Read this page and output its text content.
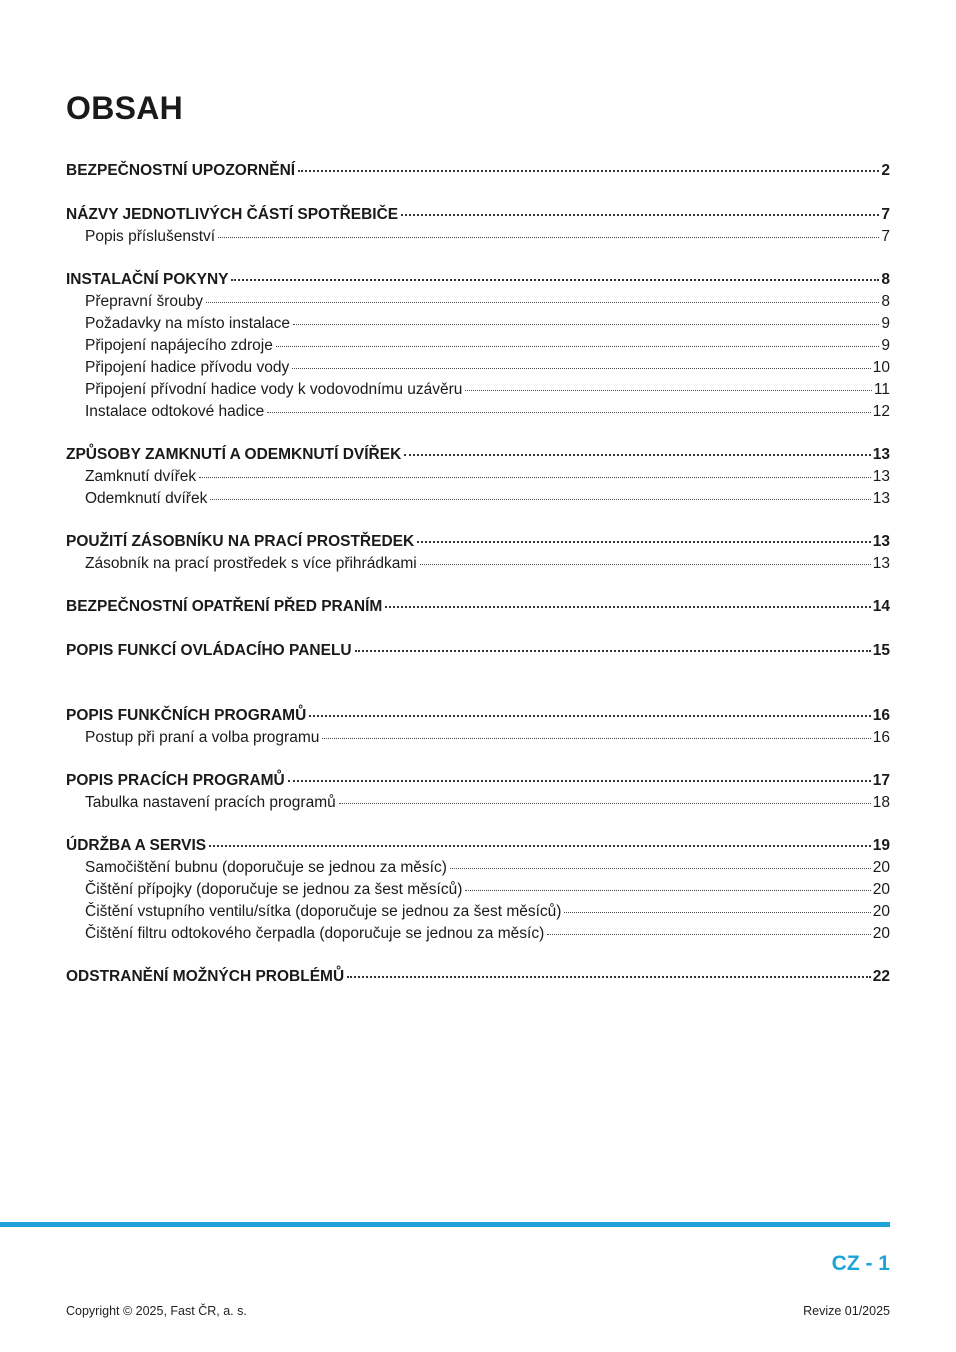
OBSAH
BEZPEČNOSTNÍ UPOZORNĚNÍ	2
NÁZVY JEDNOTLIVÝCH ČÁSTÍ SPOTŘEBIČE	7
Popis příslušenství	7
INSTALAČNÍ POKYNY	8
Přepravní šrouby	8
Požadavky na místo instalace	9
Připojení napájecího zdroje	9
Připojení hadice přívodu vody	10
Připojení přívodní hadice vody k vodovodnímu uzávěru	11
Instalace odtokové hadice	12
ZPŮSOBY ZAMKNUTÍ A ODEMKNUTÍ DVÍŘEK	13
Zamknutí dvířek	13
Odemknutí dvířek	13
POUŽITÍ ZÁSOBNÍKU NA PRACÍ PROSTŘEDEK	13
Zásobník na prací prostředek s více přihrádkami	13
BEZPEČNOSTNÍ OPATŘENÍ PŘED PRANÍM	14
POPIS FUNKCÍ OVLÁDACÍHO PANELU	15
POPIS FUNKČNÍCH PROGRAMŮ	16
Postup při praní a volba programu	16
POPIS PRACÍCH PROGRAMŮ	17
Tabulka nastavení pracích programů	18
ÚDRŽBA A SERVIS	19
Samočištění bubnu (doporučuje se jednou za měsíc)	20
Čištění přípojky (doporučuje se jednou za šest měsíců)	20
Čištění vstupního ventilu/sítka (doporučuje se jednou za šest měsíců)	20
Čištění filtru odtokového čerpadla (doporučuje se jednou za měsíc)	20
ODSTRANĚNÍ MOŽNÝCH PROBLÉMŮ	22
CZ - 1
Copyright © 2025, Fast ČR, a. s.	Revize 01/2025
